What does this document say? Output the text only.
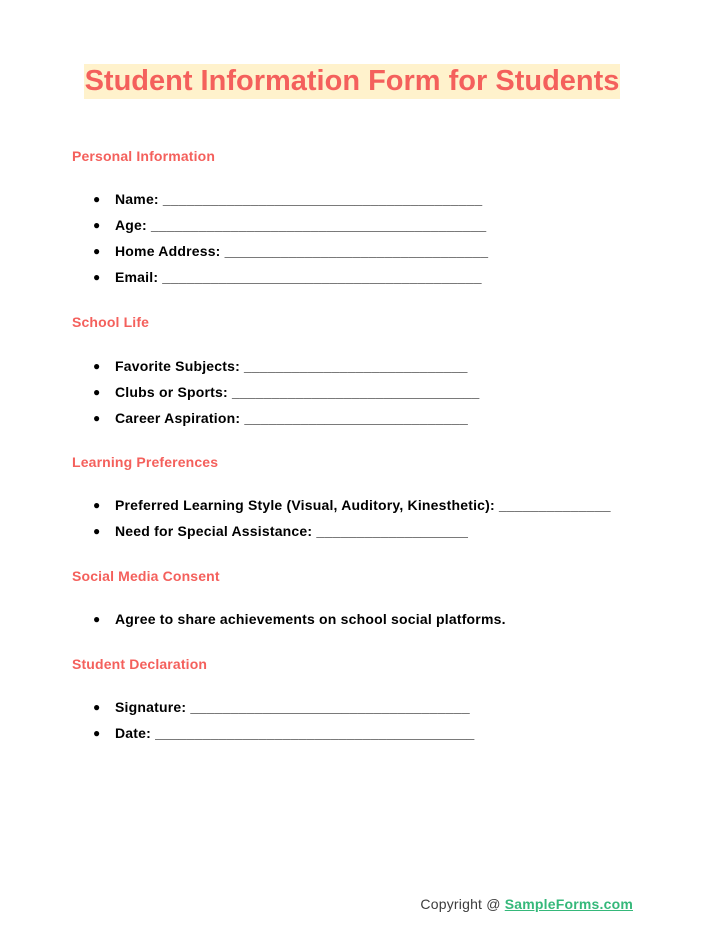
Student Information Form for Students
Personal Information
● Name: ________________________________________
● Age: __________________________________________
● Home Address: _________________________________
● Email: ________________________________________
School Life
● Favorite Subjects: ____________________________
● Clubs or Sports: _______________________________
● Career Aspiration: ____________________________
Learning Preferences
● Preferred Learning Style (Visual, Auditory, Kinesthetic): ______________
● Need for Special Assistance: ___________________
Social Media Consent
● Agree to share achievements on school social platforms.
Student Declaration
● Signature: ___________________________________
● Date: ________________________________________
Copyright @ SampleForms.com
